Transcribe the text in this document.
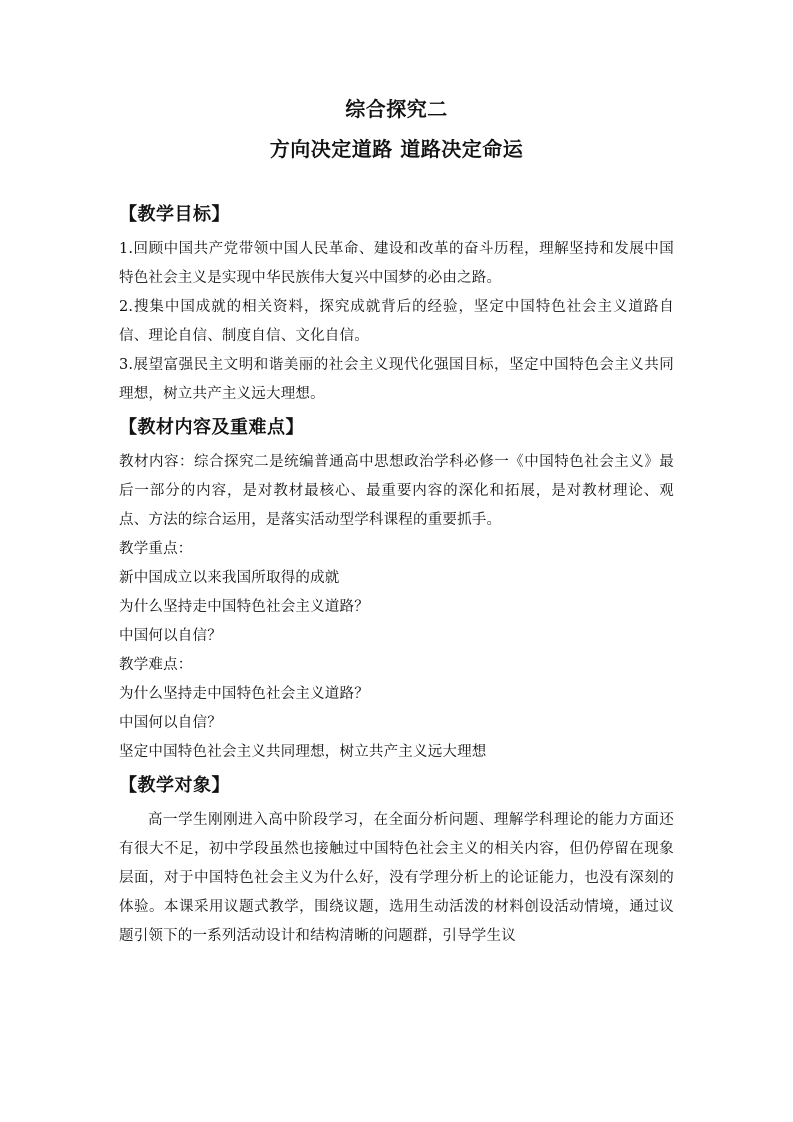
综合探究二
方向决定道路 道路决定命运
【教学目标】

1.回顾中国共产党带领中国人民革命、建设和改革的奋斗历程，理解坚持和发展中国特色社会主义是实现中华民族伟大复兴中国梦的必由之路。

2.搜集中国成就的相关资料，探究成就背后的经验，坚定中国特色社会主义道路自信、理论自信、制度自信、文化自信。

3.展望富强民主文明和谐美丽的社会主义现代化强国目标，坚定中国特色会主义共同理想，树立共产主义远大理想。

【教材内容及重难点】

教材内容：综合探究二是统编普通高中思想政治学科必修一《中国特色社会主义》最后一部分的内容，是对教材最核心、最重要内容的深化和拓展，是对教材理论、观点、方法的综合运用，是落实活动型学科课程的重要抓手。

教学重点：

新中国成立以来我国所取得的成就

为什么坚持走中国特色社会主义道路？

中国何以自信？

教学难点：

为什么坚持走中国特色社会主义道路？

中国何以自信？

坚定中国特色社会主义共同理想，树立共产主义远大理想

【教学对象】

高一学生刚刚进入高中阶段学习，在全面分析问题、理解学科理论的能力方面还有很大不足，初中学段虽然也接触过中国特色社会主义的相关内容，但仍停留在现象层面，对于中国特色社会主义为什么好，没有学理分析上的论证能力，也没有深刻的体验。本课采用议题式教学，围绕议题，选用生动活泼的材料创设活动情境，通过议题引领下的一系列活动设计和结构清晰的问题群，引导学生议
